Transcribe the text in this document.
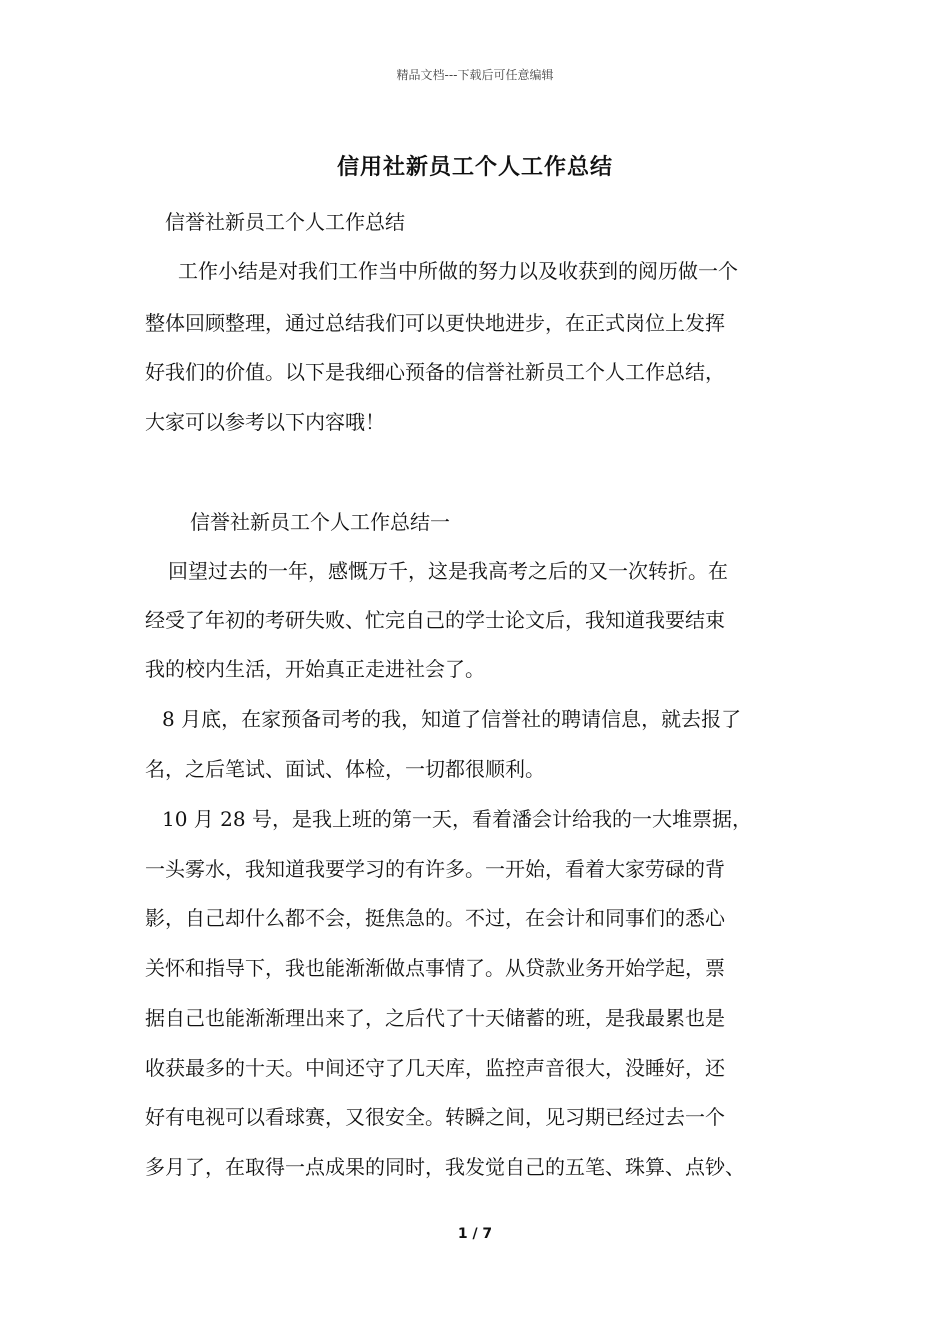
精品文档---下载后可任意编辑
信用社新员工个人工作总结
信誉社新员工个人工作总结
工作小结是对我们工作当中所做的努力以及收获到的阅历做一个
整体回顾整理，通过总结我们可以更快地进步，在正式岗位上发挥
好我们的价值。以下是我细心预备的信誉社新员工个人工作总结，
大家可以参考以下内容哦！
信誉社新员工个人工作总结一
回望过去的一年，感慨万千，这是我高考之后的又一次转折。在
经受了年初的考研失败、忙完自己的学士论文后，我知道我要结束
我的校内生活，开始真正走进社会了。
8 月底，在家预备司考的我，知道了信誉社的聘请信息，就去报了
名，之后笔试、面试、体检，一切都很顺利。
10 月 28 号，是我上班的第一天，看着潘会计给我的一大堆票据，
一头雾水，我知道我要学习的有许多。一开始，看着大家劳碌的背
影，自己却什么都不会，挺焦急的。不过，在会计和同事们的悉心
关怀和指导下，我也能渐渐做点事情了。从贷款业务开始学起，票
据自己也能渐渐理出来了，之后代了十天储蓄的班，是我最累也是
收获最多的十天。中间还守了几天库，监控声音很大，没睡好，还
好有电视可以看球赛，又很安全。转瞬之间，见习期已经过去一个
多月了，在取得一点成果的同时，我发觉自己的五笔、珠算、点钞、
1 / 7
